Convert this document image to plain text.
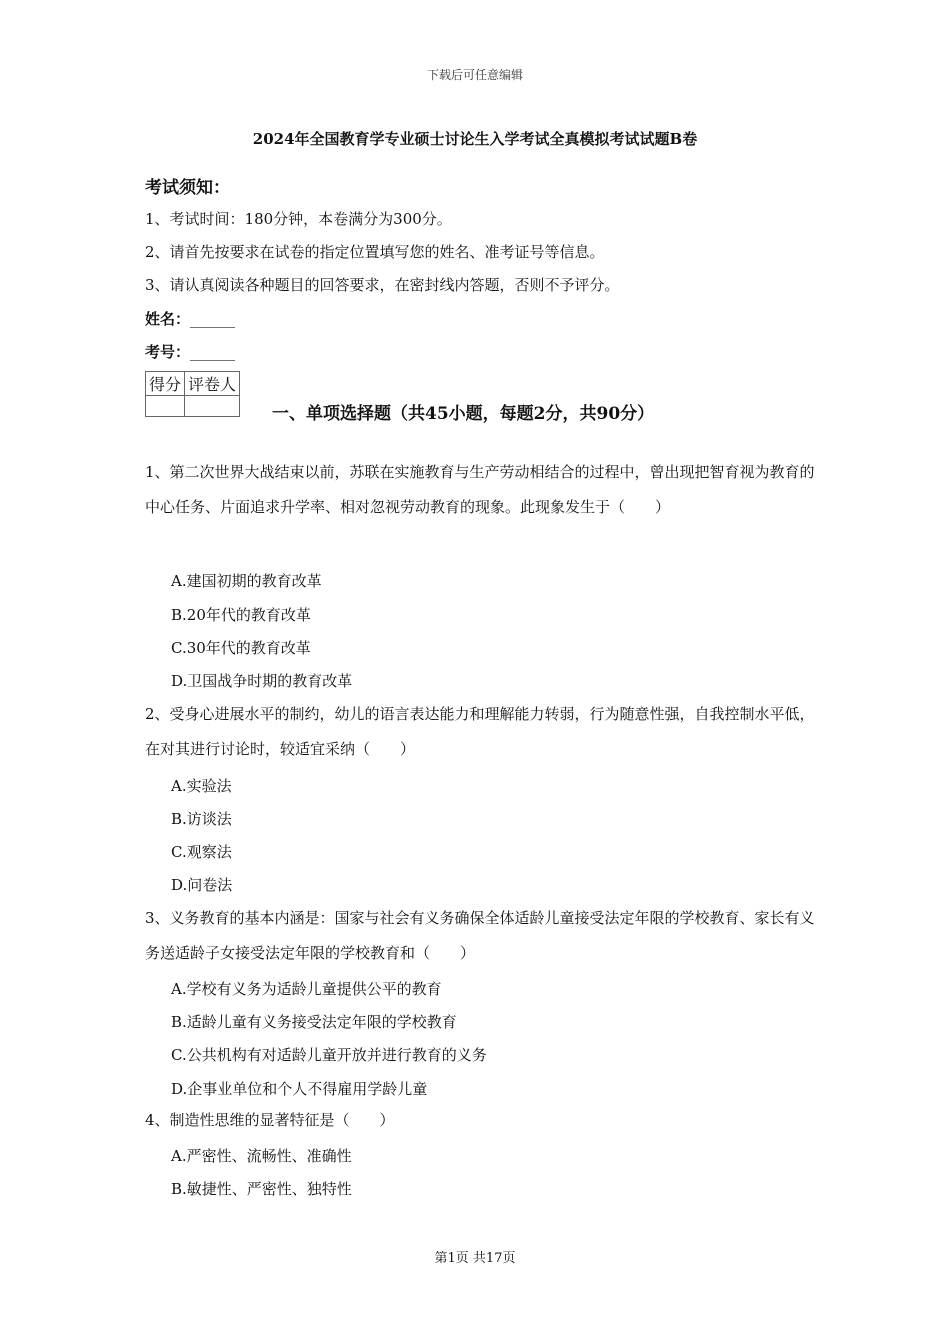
下载后可任意编辑
2024年全国教育学专业硕士讨论生入学考试全真模拟考试试题B卷
考试须知：
1、考试时间：180分钟，本卷满分为300分。
2、请首先按要求在试卷的指定位置填写您的姓名、准考证号等信息。
3、请认真阅读各种题目的回答要求，在密封线内答题，否则不予评分。
姓名：______
考号：______
得分	评卷人

一、单项选择题（共45小题，每题2分，共90分）
1、第二次世界大战结束以前，苏联在实施教育与生产劳动相结合的过程中，曾出现把智育视为教育的中心任务、片面追求升学率、相对忽视劳动教育的现象。此现象发生于（　　）
A.建国初期的教育改革
B.20年代的教育改革
C.30年代的教育改革
D.卫国战争时期的教育改革
2、受身心进展水平的制约，幼儿的语言表达能力和理解能力转弱，行为随意性强，自我控制水平低，在对其进行讨论时，较适宜采纳（　　）
A.实验法
B.访谈法
C.观察法
D.问卷法
3、义务教育的基本内涵是：国家与社会有义务确保全体适龄儿童接受法定年限的学校教育、家长有义务送适龄子女接受法定年限的学校教育和（　　）
A.学校有义务为适龄儿童提供公平的教育
B.适龄儿童有义务接受法定年限的学校教育
C.公共机构有对适龄儿童开放并进行教育的义务
D.企事业单位和个人不得雇用学龄儿童
4、制造性思维的显著特征是（　　）
A.严密性、流畅性、准确性
B.敏捷性、严密性、独特性
第1页 共17页
